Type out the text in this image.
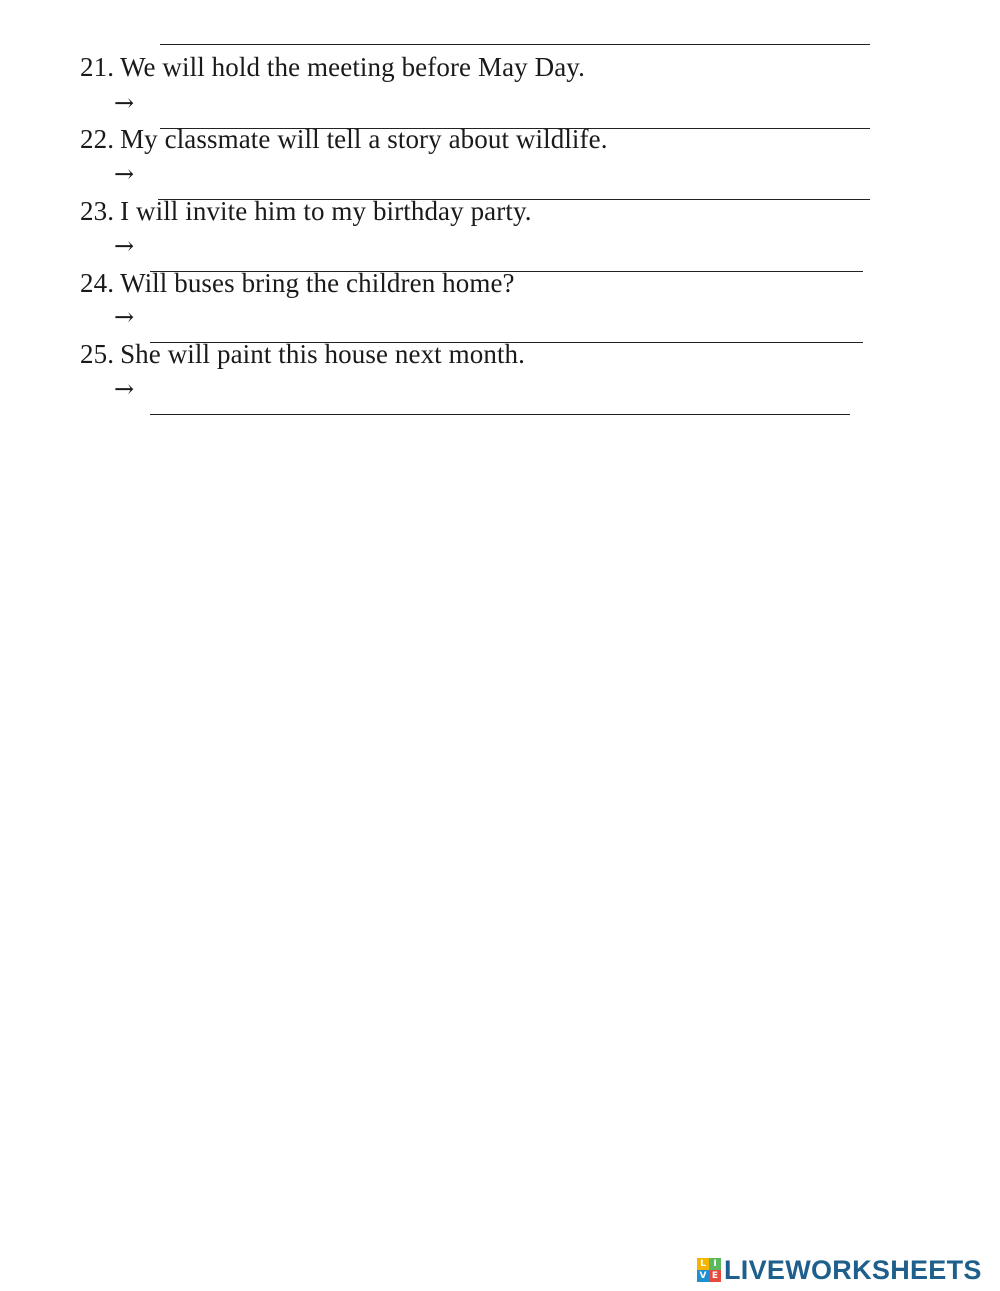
21. We will hold the meeting before May Day.
→
22. My classmate will tell a story about wildlife.
→
23. I will invite him to my birthday party.
→
24. Will buses bring the children home?
→
25. She will paint this house next month.
→
L I
V E LIVEWORKSHEETS
